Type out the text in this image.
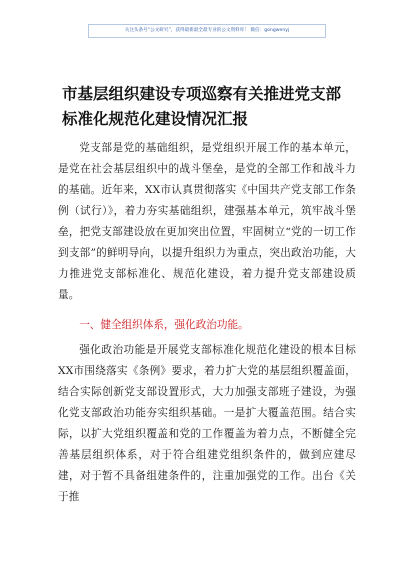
关注头条号“公文研究”，获得最新最全最专业的公文资料库！ 微信：gongwenyj
市基层组织建设专项巡察有关推进党支部标准化规范化建设情况汇报

党支部是党的基础组织，是党组织开展工作的基本单元，是党在社会基层组织中的战斗堡垒，是党的全部工作和战斗力的基础。近年来，XX市认真贯彻落实《中国共产党支部工作条例（试行）》，着力夯实基础组织，建强基本单元，筑牢战斗堡垒，把党支部建设放在更加突出位置，牢固树立“党的一切工作到支部”的鲜明导向，以提升组织力为重点，突出政治功能，大力推进党支部标准化、规范化建设，着力提升党支部建设质量。

一、健全组织体系，强化政治功能。

强化政治功能是开展党支部标准化规范化建设的根本目标XX市围绕落实《条例》要求，着力扩大党的基层组织覆盖面，结合实际创新党支部设置形式，大力加强支部班子建设，为强化党支部政治功能夯实组织基础。一是扩大覆盖范围。结合实际，以扩大党组织覆盖和党的工作覆盖为着力点，不断健全完善基层组织体系，对于符合组建党组织条件的，做到应建尽建，对于暂不具备组建条件的，注重加强党的工作。出台《关于推
